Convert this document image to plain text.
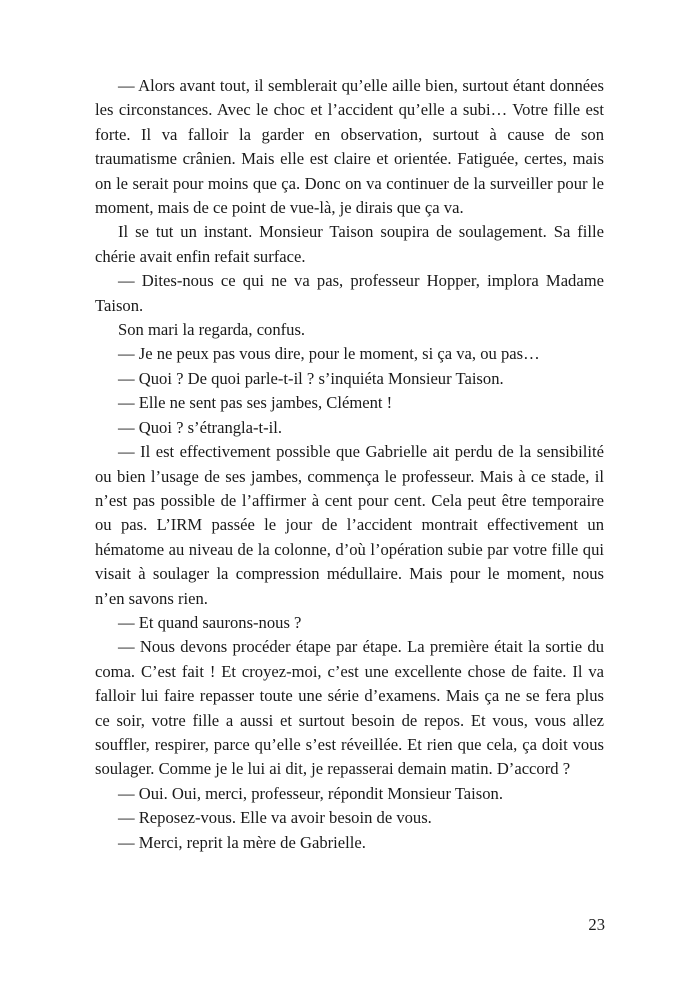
— Alors avant tout, il semblerait qu’elle aille bien, surtout étant données les circonstances. Avec le choc et l’accident qu’elle a subi… Votre fille est forte. Il va falloir la garder en observation, surtout à cause de son traumatisme crânien. Mais elle est claire et orientée. Fatiguée, certes, mais on le serait pour moins que ça. Donc on va continuer de la surveiller pour le moment, mais de ce point de vue-là, je dirais que ça va.

Il se tut un instant. Monsieur Taison soupira de soulagement. Sa fille chérie avait enfin refait surface.

— Dites-nous ce qui ne va pas, professeur Hopper, implora Madame Taison.

Son mari la regarda, confus.

— Je ne peux pas vous dire, pour le moment, si ça va, ou pas…

— Quoi ? De quoi parle-t-il ? s’inquiéta Monsieur Taison.

— Elle ne sent pas ses jambes, Clément !

— Quoi ? s’étrangla-t-il.

— Il est effectivement possible que Gabrielle ait perdu de la sensibilité ou bien l’usage de ses jambes, commença le professeur. Mais à ce stade, il n’est pas possible de l’affirmer à cent pour cent. Cela peut être temporaire ou pas. L’IRM passée le jour de l’accident montrait effectivement un hématome au niveau de la colonne, d’où l’opération subie par votre fille qui visait à soulager la compression médullaire. Mais pour le moment, nous n’en savons rien.

— Et quand saurons-nous ?

— Nous devons procéder étape par étape. La première était la sortie du coma. C’est fait ! Et croyez-moi, c’est une excellente chose de faite. Il va falloir lui faire repasser toute une série d’examens. Mais ça ne se fera plus ce soir, votre fille a aussi et surtout besoin de repos. Et vous, vous allez souffler, respirer, parce qu’elle s’est réveillée. Et rien que cela, ça doit vous soulager. Comme je le lui ai dit, je repasserai demain matin. D’accord ?

— Oui. Oui, merci, professeur, répondit Monsieur Taison.

— Reposez-vous. Elle va avoir besoin de vous.

— Merci, reprit la mère de Gabrielle.

23
